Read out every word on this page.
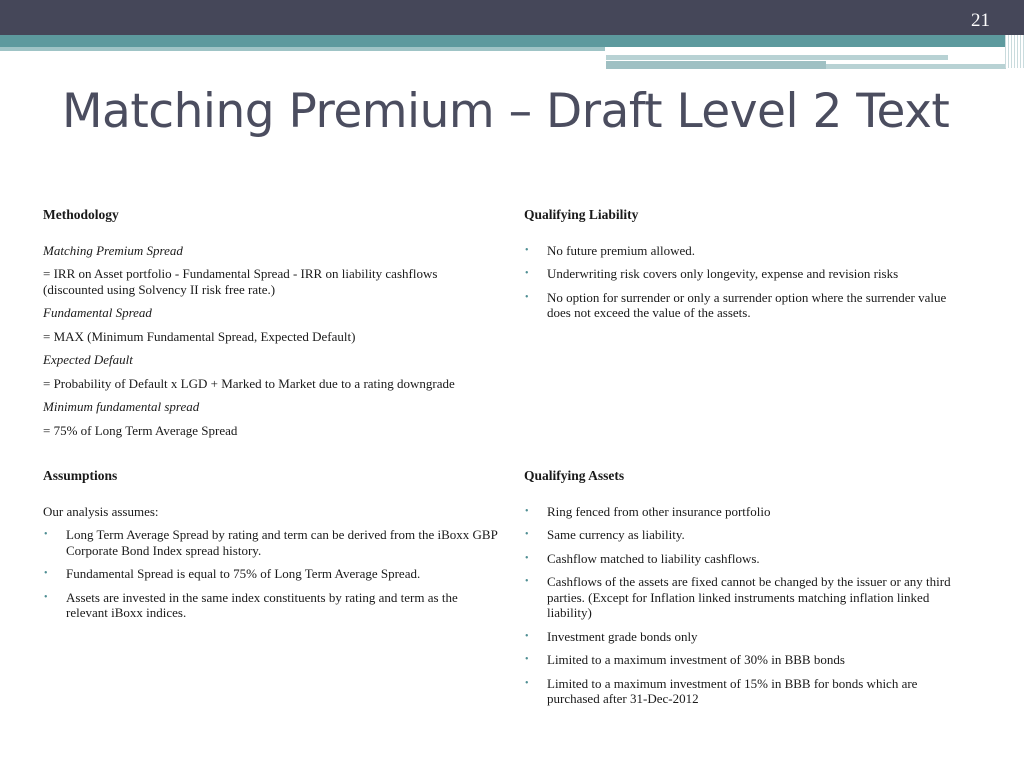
21
Matching Premium – Draft Level 2 Text
Methodology
Matching Premium Spread
= IRR on Asset portfolio - Fundamental Spread - IRR on liability cashflows (discounted using Solvency II risk free rate.)
Fundamental Spread
= MAX (Minimum Fundamental Spread, Expected Default)
Expected Default
= Probability of Default x LGD + Marked to Market due to a rating downgrade
Minimum fundamental spread
= 75% of Long Term Average Spread
Qualifying Liability
• No future premium allowed.
• Underwriting risk covers only longevity, expense and revision risks
• No option for surrender or only a surrender option where the surrender value does not exceed the value of the assets.
Assumptions
Our analysis assumes:
• Long Term Average Spread by rating and term can be derived from the iBoxx GBP Corporate Bond Index spread history.
• Fundamental Spread is equal to 75% of Long Term Average Spread.
• Assets are invested in the same index constituents by rating and term as the relevant iBoxx indices.
Qualifying Assets
• Ring fenced from other insurance portfolio
• Same currency as liability.
• Cashflow matched to liability cashflows.
• Cashflows of the assets are fixed cannot be changed by the issuer or any third parties. (Except for Inflation linked instruments matching inflation linked liability)
• Investment grade bonds only
• Limited to a maximum investment of 30% in BBB bonds
• Limited to a maximum investment of 15% in BBB for bonds which are purchased after 31-Dec-2012
